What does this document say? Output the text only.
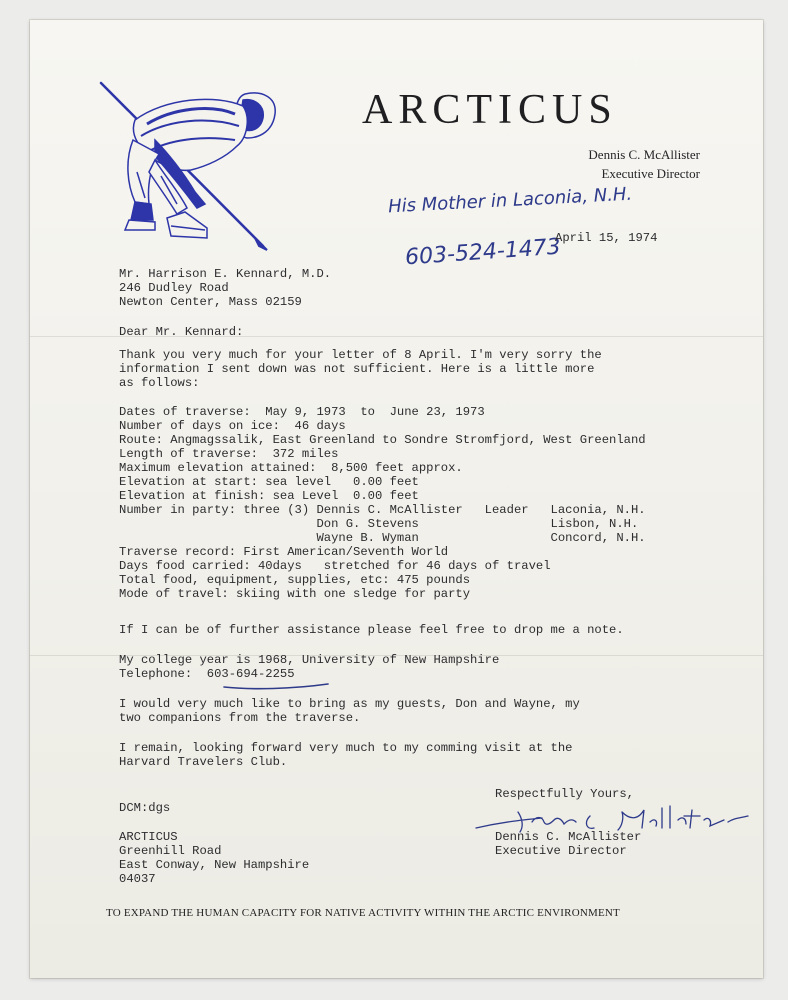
ARCTICUS
Dennis C. McAllister
Executive Director
His Mother in Laconia, N.H.
603-524-1473
April 15, 1974
Mr. Harrison E. Kennard, M.D.
246 Dudley Road
Newton Center, Mass 02159
Dear Mr. Kennard:
Thank you very much for your letter of 8 April. I'm very sorry the
information I sent down was not sufficient. Here is a little more
as follows:
Dates of traverse:  May 9, 1973  to  June 23, 1973
Number of days on ice:  46 days
Route: Angmagssalik, East Greenland to Sondre Stromfjord, West Greenland
Length of traverse:  372 miles
Maximum elevation attained:  8,500 feet approx.
Elevation at start: sea level   0.00 feet
Elevation at finish: sea Level  0.00 feet
Number in party: three (3) Dennis C. McAllister   Leader   Laconia, N.H.
Don G. Stevens                  Lisbon, N.H.
Wayne B. Wyman                  Concord, N.H.
Traverse record: First American/Seventh World
Days food carried: 40days   stretched for 46 days of travel
Total food, equipment, supplies, etc: 475 pounds
Mode of travel: skiing with one sledge for party
If I can be of further assistance please feel free to drop me a note.
My college year is 1968, University of New Hampshire
Telephone:  603-694-2255
I would very much like to bring as my guests, Don and Wayne, my
two companions from the traverse.
I remain, looking forward very much to my comming visit at the
Harvard Travelers Club.
Respectfully Yours,
DCM:dgs
Dennis C. McAllister
Executive Director
ARCTICUS
Greenhill Road
East Conway, New Hampshire
04037
TO EXPAND THE HUMAN CAPACITY FOR NATIVE ACTIVITY WITHIN THE ARCTIC ENVIRONMENT
